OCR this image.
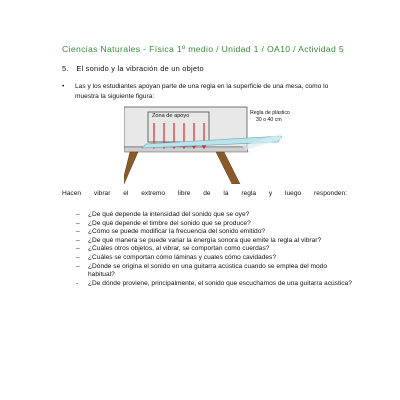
Ciencias Naturales - Física 1º medio / Unidad 1 / OA10 / Actividad 5
5. El sonido y la vibración de un objeto
• Las y los estudiantes apoyan parte de una regla en la superficie de una mesa, como lo muestra la siguiente figura:
Zona de apoyo	Regla de plástico
30 o 40 cm
Hacen vibrar el extremo libre de la regla y luego responden:
– ¿De qué depende la intensidad del sonido que se oye?
– ¿De qué depende el timbre del sonido que se produce?
– ¿Cómo se puede modificar la frecuencia del sonido emitido?
– ¿De qué manera se puede variar la energía sonora que emite la regla al vibrar?
– ¿Cuáles otros objetos, al vibrar, se comportan como cuerdas?
– ¿Cuáles se comportan cómo láminas y cuales cómo cavidades?
– ¿Dónde se origina el sonido en una guitarra acústica cuando se emplea del modo habitual?
- ¿De dónde proviene, principalmente, el sonido que escuchamos de una guitarra acústica?
